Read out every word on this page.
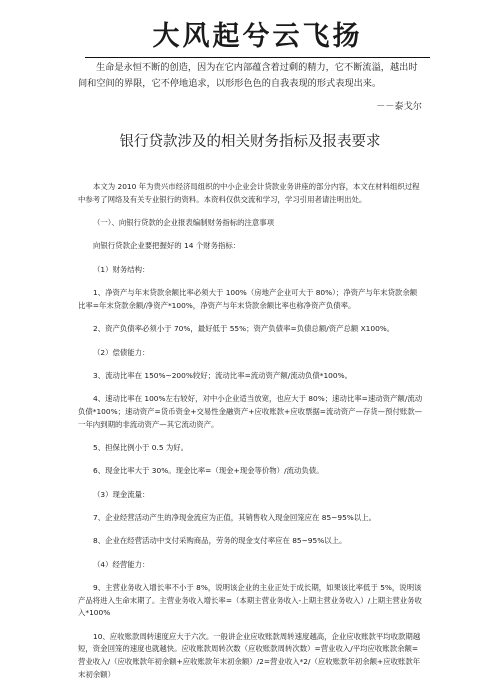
大风起兮云飞扬

生命是永恒不断的创造，因为在它内部蕴含着过剩的精力，它不断流溢，越出时间和空间的界限，它不停地追求，以形形色色的自我表现的形式表现出来。

－－泰戈尔
银行贷款涉及的相关财务指标及报表要求

本文为 2010 年为贵兴市经济局组织的中小企业会计贷款业务讲座的部分内容，本文在材料组织过程中参考了网络及有关专业银行的资料。本资料仅供交流和学习，学习引用者请注明出处。

（一）、向银行贷款的企业报表编制财务指标的注意事项

向银行贷款企业要把握好的 14 个财务指标：

（1）财务结构：

1、净资产与年末贷款余额比率必须大于 100%（房地产企业可大于 80%）；净资产与年末贷款余额比率=年末贷款余额/净资产*100%，净资产与年末贷款余额比率也称净资产负债率。

2、资产负债率必须小于 70%，最好低于 55%；资产负债率=负债总额/资产总额 X100%。

（2）偿债能力：

3、流动比率在 150%~200%较好；流动比率=流动资产额/流动负债*100%。

4、速动比率在 100%左右较好，对中小企业适当放宽，也应大于 80%；速动比率=速动资产额/流动负债*100%；速动资产=货币资金+交易性金融资产+应收账款+应收票据=流动资产—存货—预付账款—一年内到期的非流动资产—其它流动资产。

5、担保比例小于 0.5 为好。

6、现金比率大于 30%。现金比率=（现金+现金等价物）/流动负债。

（3）现金流量：

7、企业经营活动产生的净现金流应为正值，其销售收入现金回笼应在 85~95%以上。

8、企业在经营活动中支付采购商品，劳务的现金支付率应在 85~95%以上。

（4）经营能力：

9、主营业务收入增长率不小于 8%，说明该企业的主业正处于成长期，如果该比率低于 5%，说明该产品将进入生命末期了。主营业务收入增长率=（本期主营业务收入-上期主营业务收入）/上期主营业务收入*100%

10、应收账款周转速度应大于六次。一般讲企业应收账款周转速度越高，企业应收账款平均收款期越短，资金回笼的速度也就越快。应收账款周转次数（应收账款周转次数）=营业收入/平均应收账款余额=营业收入/（应收账款年初余额+应收账款年末初余额）/2=营业收入*2/（应收账款年初余额+应收账款年末初余额）
